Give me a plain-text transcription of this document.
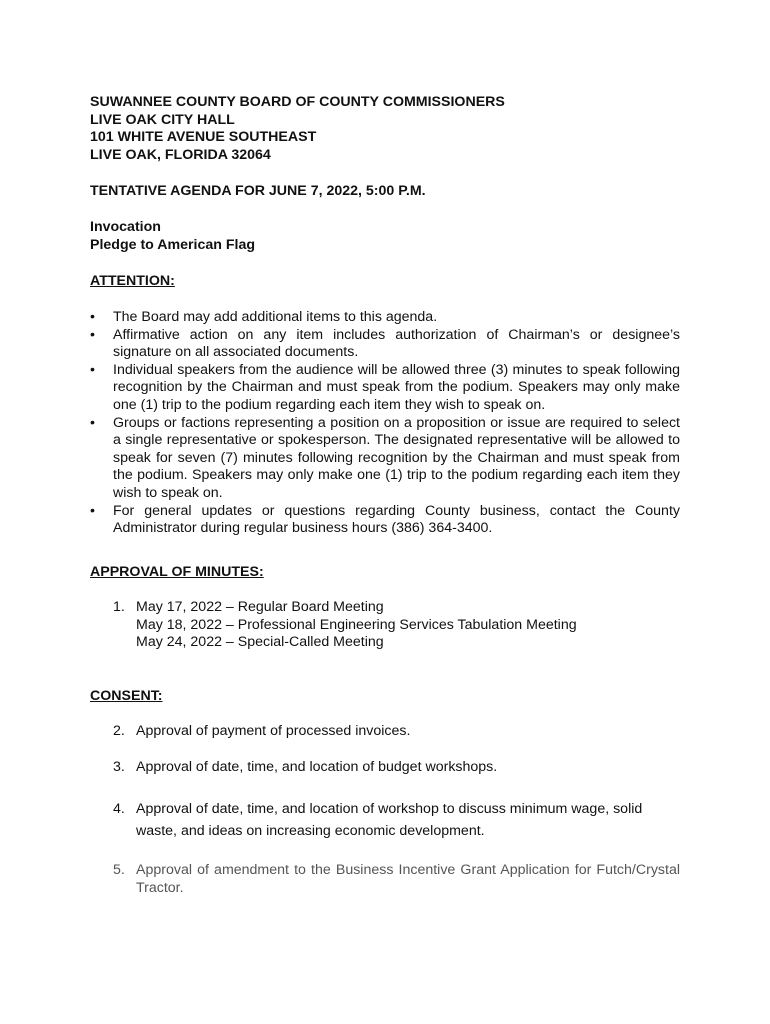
SUWANNEE COUNTY BOARD OF COUNTY COMMISSIONERS
LIVE OAK CITY HALL
101 WHITE AVENUE SOUTHEAST
LIVE OAK, FLORIDA 32064
TENTATIVE AGENDA FOR JUNE 7, 2022, 5:00 P.M.
Invocation
Pledge to American Flag
ATTENTION:
• The Board may add additional items to this agenda.
• Affirmative action on any item includes authorization of Chairman’s or designee’s signature on all associated documents.
• Individual speakers from the audience will be allowed three (3) minutes to speak following recognition by the Chairman and must speak from the podium. Speakers may only make one (1) trip to the podium regarding each item they wish to speak on.
• Groups or factions representing a position on a proposition or issue are required to select a single representative or spokesperson. The designated representative will be allowed to speak for seven (7) minutes following recognition by the Chairman and must speak from the podium. Speakers may only make one (1) trip to the podium regarding each item they wish to speak on.
• For general updates or questions regarding County business, contact the County Administrator during regular business hours (386) 364-3400.
APPROVAL OF MINUTES:
1. May 17, 2022 – Regular Board Meeting
May 18, 2022 – Professional Engineering Services Tabulation Meeting
May 24, 2022 – Special-Called Meeting
CONSENT:
2. Approval of payment of processed invoices.
3. Approval of date, time, and location of budget workshops.
4. Approval of date, time, and location of workshop to discuss minimum wage, solid waste, and ideas on increasing economic development.
5. Approval of amendment to the Business Incentive Grant Application for Futch/Crystal Tractor.
